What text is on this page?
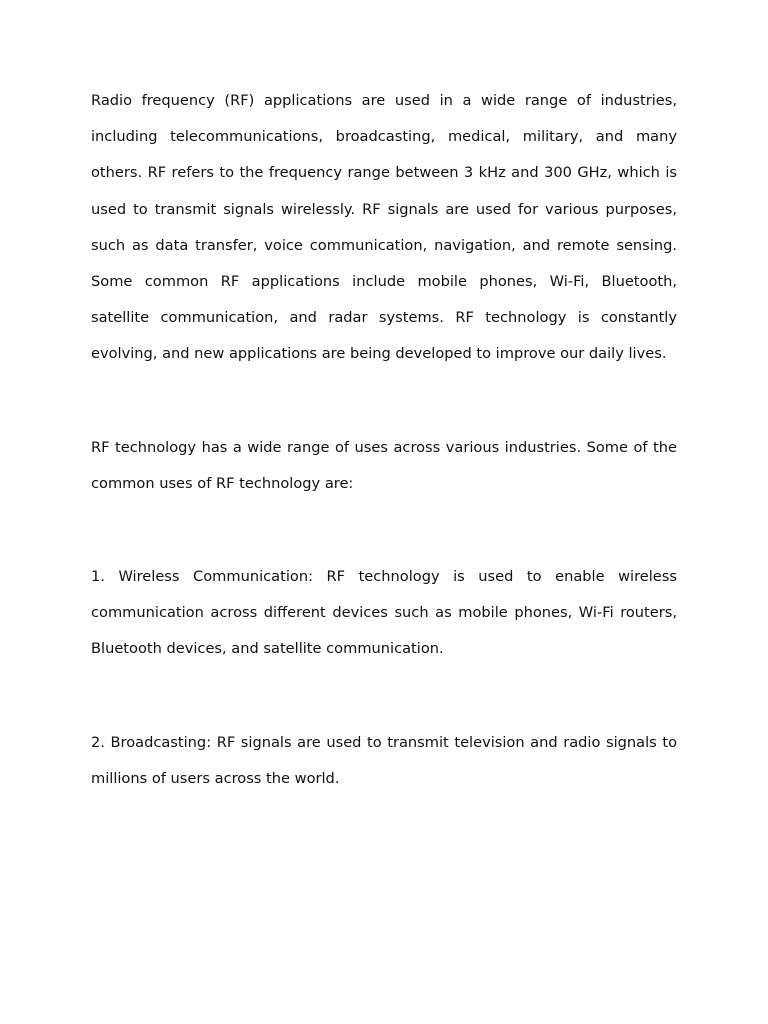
Radio frequency (RF) applications are used in a wide range of industries, including telecommunications, broadcasting, medical, military, and many others. RF refers to the frequency range between 3 kHz and 300 GHz, which is used to transmit signals wirelessly. RF signals are used for various purposes, such as data transfer, voice communication, navigation, and remote sensing. Some common RF applications include mobile phones, Wi-Fi, Bluetooth, satellite communication, and radar systems. RF technology is constantly evolving, and new applications are being developed to improve our daily lives.

RF technology has a wide range of uses across various industries. Some of the common uses of RF technology are:

1. Wireless Communication: RF technology is used to enable wireless communication across different devices such as mobile phones, Wi-Fi routers, Bluetooth devices, and satellite communication.

2. Broadcasting: RF signals are used to transmit television and radio signals to millions of users across the world.
